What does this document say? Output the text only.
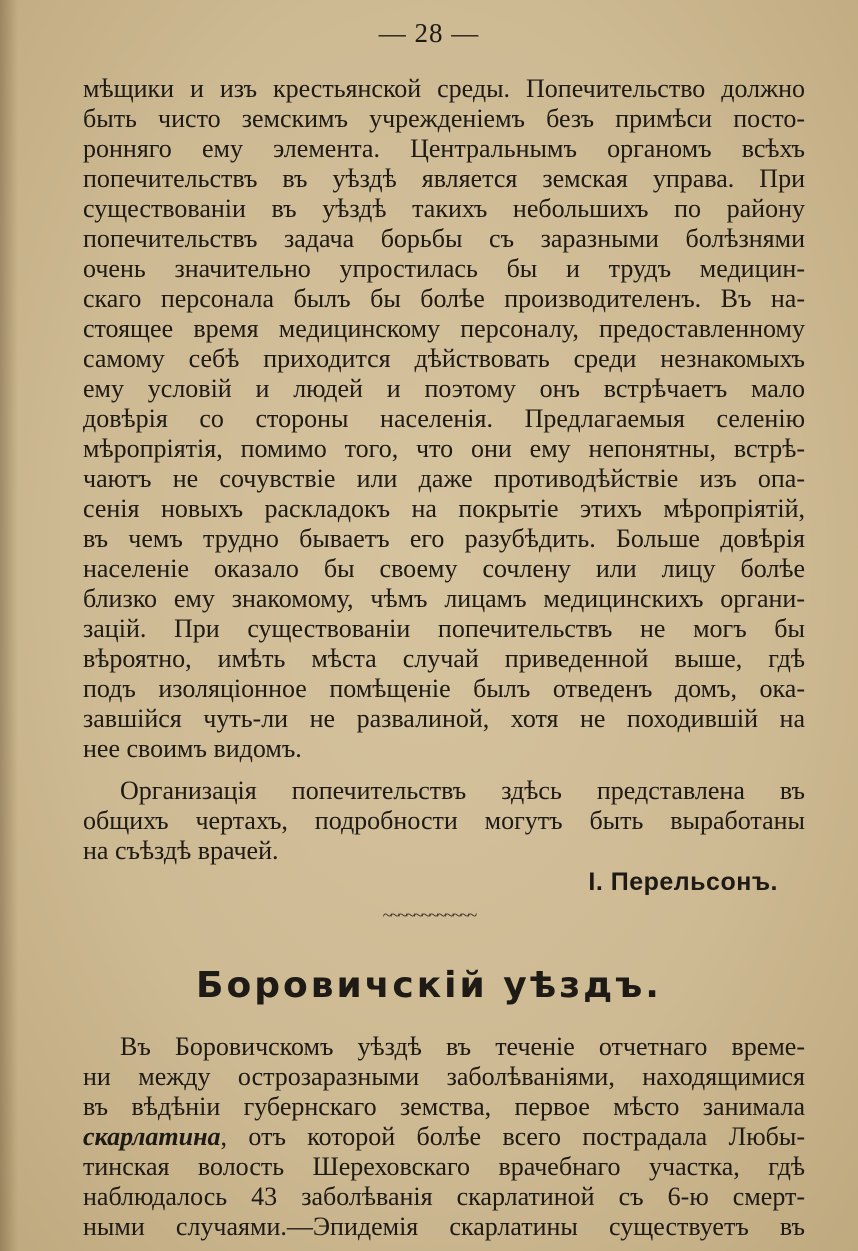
— 28 —
мѣщики и изъ крестьянской среды. Попечительство должно
быть чисто земскимъ учрежденіемъ безъ примѣси посто-
ронняго ему элемента. Центральнымъ органомъ всѣхъ
попечительствъ въ уѣздѣ является земская управа. При
существованіи въ уѣздѣ такихъ небольшихъ по району
попечительствъ задача борьбы съ заразными болѣзнями
очень значительно упростилась бы и трудъ медицин-
скаго персонала былъ бы болѣе производителенъ. Въ на-
стоящее время медицинскому персоналу, предоставленному
самому себѣ приходится дѣйствовать среди незнакомыхъ
ему условій и людей и поэтому онъ встрѣчаетъ мало
довѣрія со стороны населенія. Предлагаемыя селенію
мѣропріятія, помимо того, что они ему непонятны, встрѣ-
чаютъ не сочувствіе или даже противодѣйствіе изъ опа-
сенія новыхъ раскладокъ на покрытіе этихъ мѣропріятій,
въ чемъ трудно бываетъ его разубѣдить. Больше довѣрія
населеніе оказало бы своему сочлену или лицу болѣе
близко ему знакомому, чѣмъ лицамъ медицинскихъ органи-
зацій. При существованіи попечительствъ не могъ бы
вѣроятно, имѣть мѣста случай приведенной выше, гдѣ
подъ изоляціонное помѣщеніе былъ отведенъ домъ, ока-
завшійся чуть-ли не развалиной, хотя не походившій на
нее своимъ видомъ.
Организація попечительствъ здѣсь представлена въ
общихъ чертахъ, подробности могутъ быть выработаны
на съѣздѣ врачей.
І. Перельсонъ.
~~~~~~~~~~~~
Боровичскій уѣздъ.
Въ Боровичскомъ уѣздѣ въ теченіе отчетнаго време-
ни между острозаразными заболѣваніями, находящимися
въ вѣдѣніи губернскаго земства, первое мѣсто занимала
скарлатина, отъ которой болѣе всего пострадала Любы-
тинская волость Шереховскаго врачебнаго участка, гдѣ
наблюдалось 43 заболѣванія скарлатиной съ 6-ю смерт-
ными случаями.—Эпидемія скарлатины существуетъ въ
